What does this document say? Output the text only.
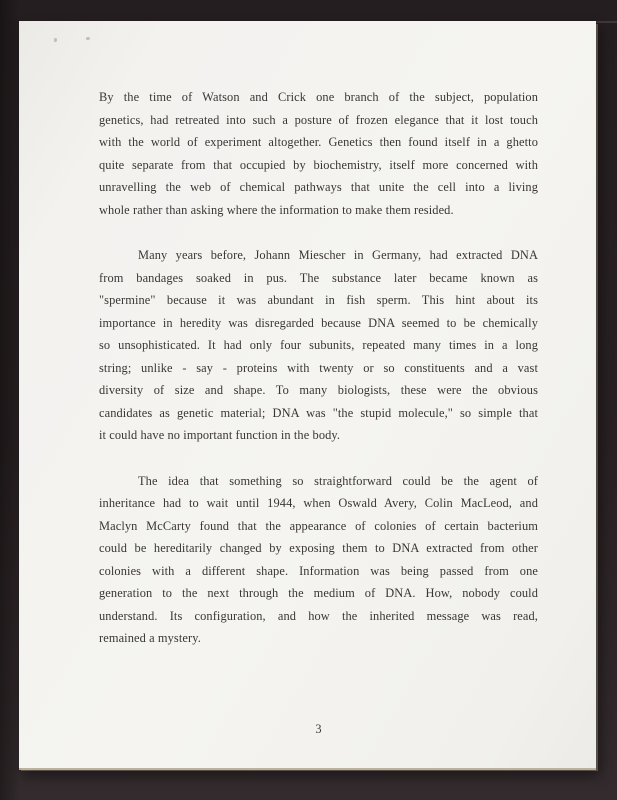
By the time of Watson and Crick one branch of the subject, population
genetics, had retreated into such a posture of frozen elegance that it lost touch
with the world of experiment altogether. Genetics then found itself in a ghetto
quite separate from that occupied by biochemistry, itself more concerned with
unravelling the web of chemical pathways that unite the cell into a living
whole rather than asking where the information to make them resided.
Many years before, Johann Miescher in Germany, had extracted DNA
from bandages soaked in pus. The substance later became known as
"spermine" because it was abundant in fish sperm. This hint about its
importance in heredity was disregarded because DNA seemed to be chemically
so unsophisticated. It had only four subunits, repeated many times in a long
string; unlike - say - proteins with twenty or so constituents and a vast
diversity of size and shape. To many biologists, these were the obvious
candidates as genetic material; DNA was "the stupid molecule," so simple that
it could have no important function in the body.
The idea that something so straightforward could be the agent of
inheritance had to wait until 1944, when Oswald Avery, Colin MacLeod, and
Maclyn McCarty found that the appearance of colonies of certain bacterium
could be hereditarily changed by exposing them to DNA extracted from other
colonies with a different shape. Information was being passed from one
generation to the next through the medium of DNA. How, nobody could
understand. Its configuration, and how the inherited message was read,
remained a mystery.
3
